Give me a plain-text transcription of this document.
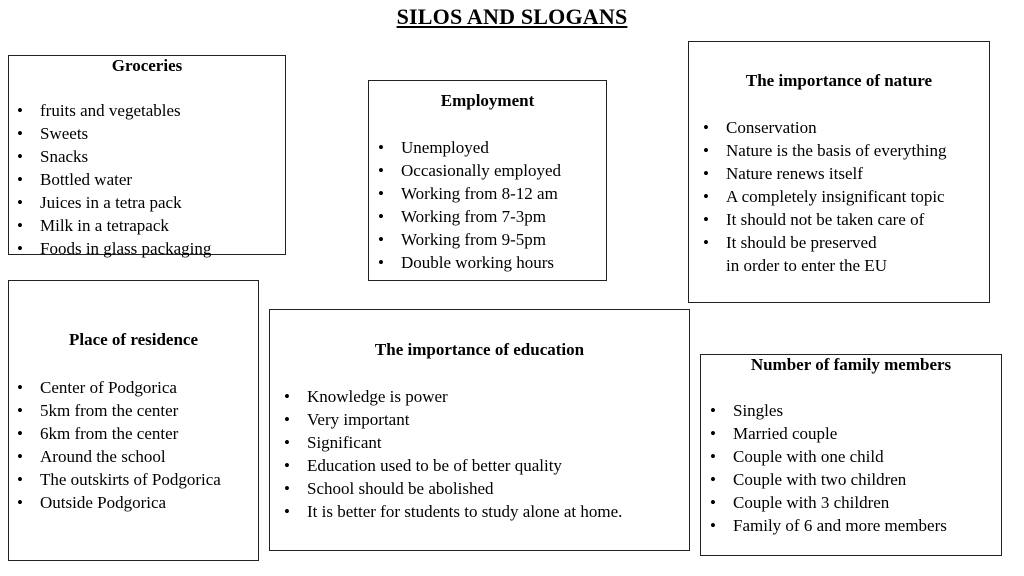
SILOS AND SLOGANS
Groceries
• fruits and vegetables
• Sweets
• Snacks
• Bottled water
• Juices in a tetra pack
• Milk in a tetrapack
• Foods in glass packaging
Employment
• Unemployed
• Occasionally employed
• Working from 8-12 am
• Working from 7-3pm
• Working from 9-5pm
• Double working hours
The importance of nature
• Conservation
• Nature is the basis of everything
• Nature renews itself
• A completely insignificant topic
• It should not be taken care of
• It should be preserved
in order to enter the EU
Place of residence
• Center of Podgorica
• 5km from the center
• 6km from the center
• Around the school
• The outskirts of Podgorica
• Outside Podgorica
The importance of education
• Knowledge is power
• Very important
• Significant
• Education used to be of better quality
• School should be abolished
• It is better for students to study alone at home.
Number of family members
• Singles
• Married couple
• Couple with one child
• Couple with two children
• Couple with 3 children
• Family of 6 and more members
